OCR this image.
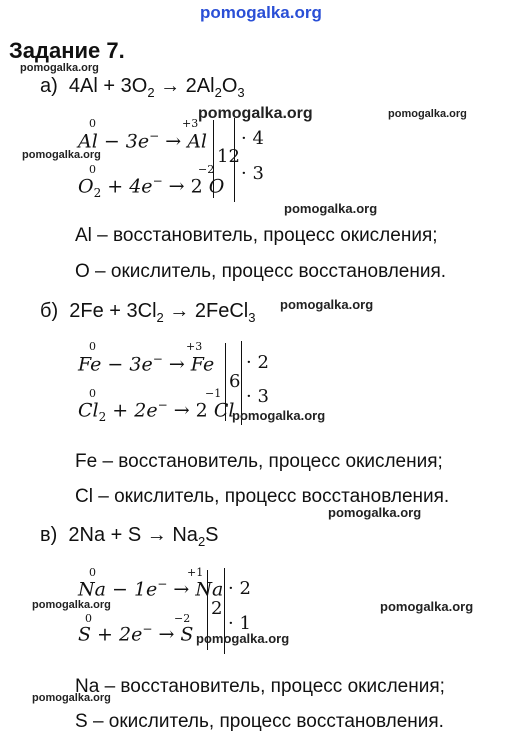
pomogalka.org
Задание 7.
pomogalka.org
а) $4Al + 3O_2 \to 2Al_2O_3$
pomogalka.org	pomogalka.org
0	+3
Al − 3e− → Al
0	−2
$O_2 + 4e^- \to 2$ O
12
· 4
· 3
pomogalka.org
pomogalka.org
Al – восстановитель, процесс окисления;
O – окислитель, процесс восстановления.
б) $2Fe + 3Cl_2$ → 2FeCl$_3$
pomogalka.org
0	+3
Fe − 3e− → Fe
0	−1
$Cl_2 + 2e^- \to 2$ Cl
6
· 2
· 3
pomogalka.org
Fe – восстановитель, процесс окисления;
Cl – окислитель, процесс восстановления.
pomogalka.org
в) $2Na + S \to Na_2S$
0	+1
Na − 1e− → Na
0	−2
S + 2e− → S
2
· 2
· 1
pomogalka.org	pomogalka.org
pomogalka.org
Na – восстановитель, процесс окисления;
pomogalka.org
S – окислитель, процесс восстановления.
